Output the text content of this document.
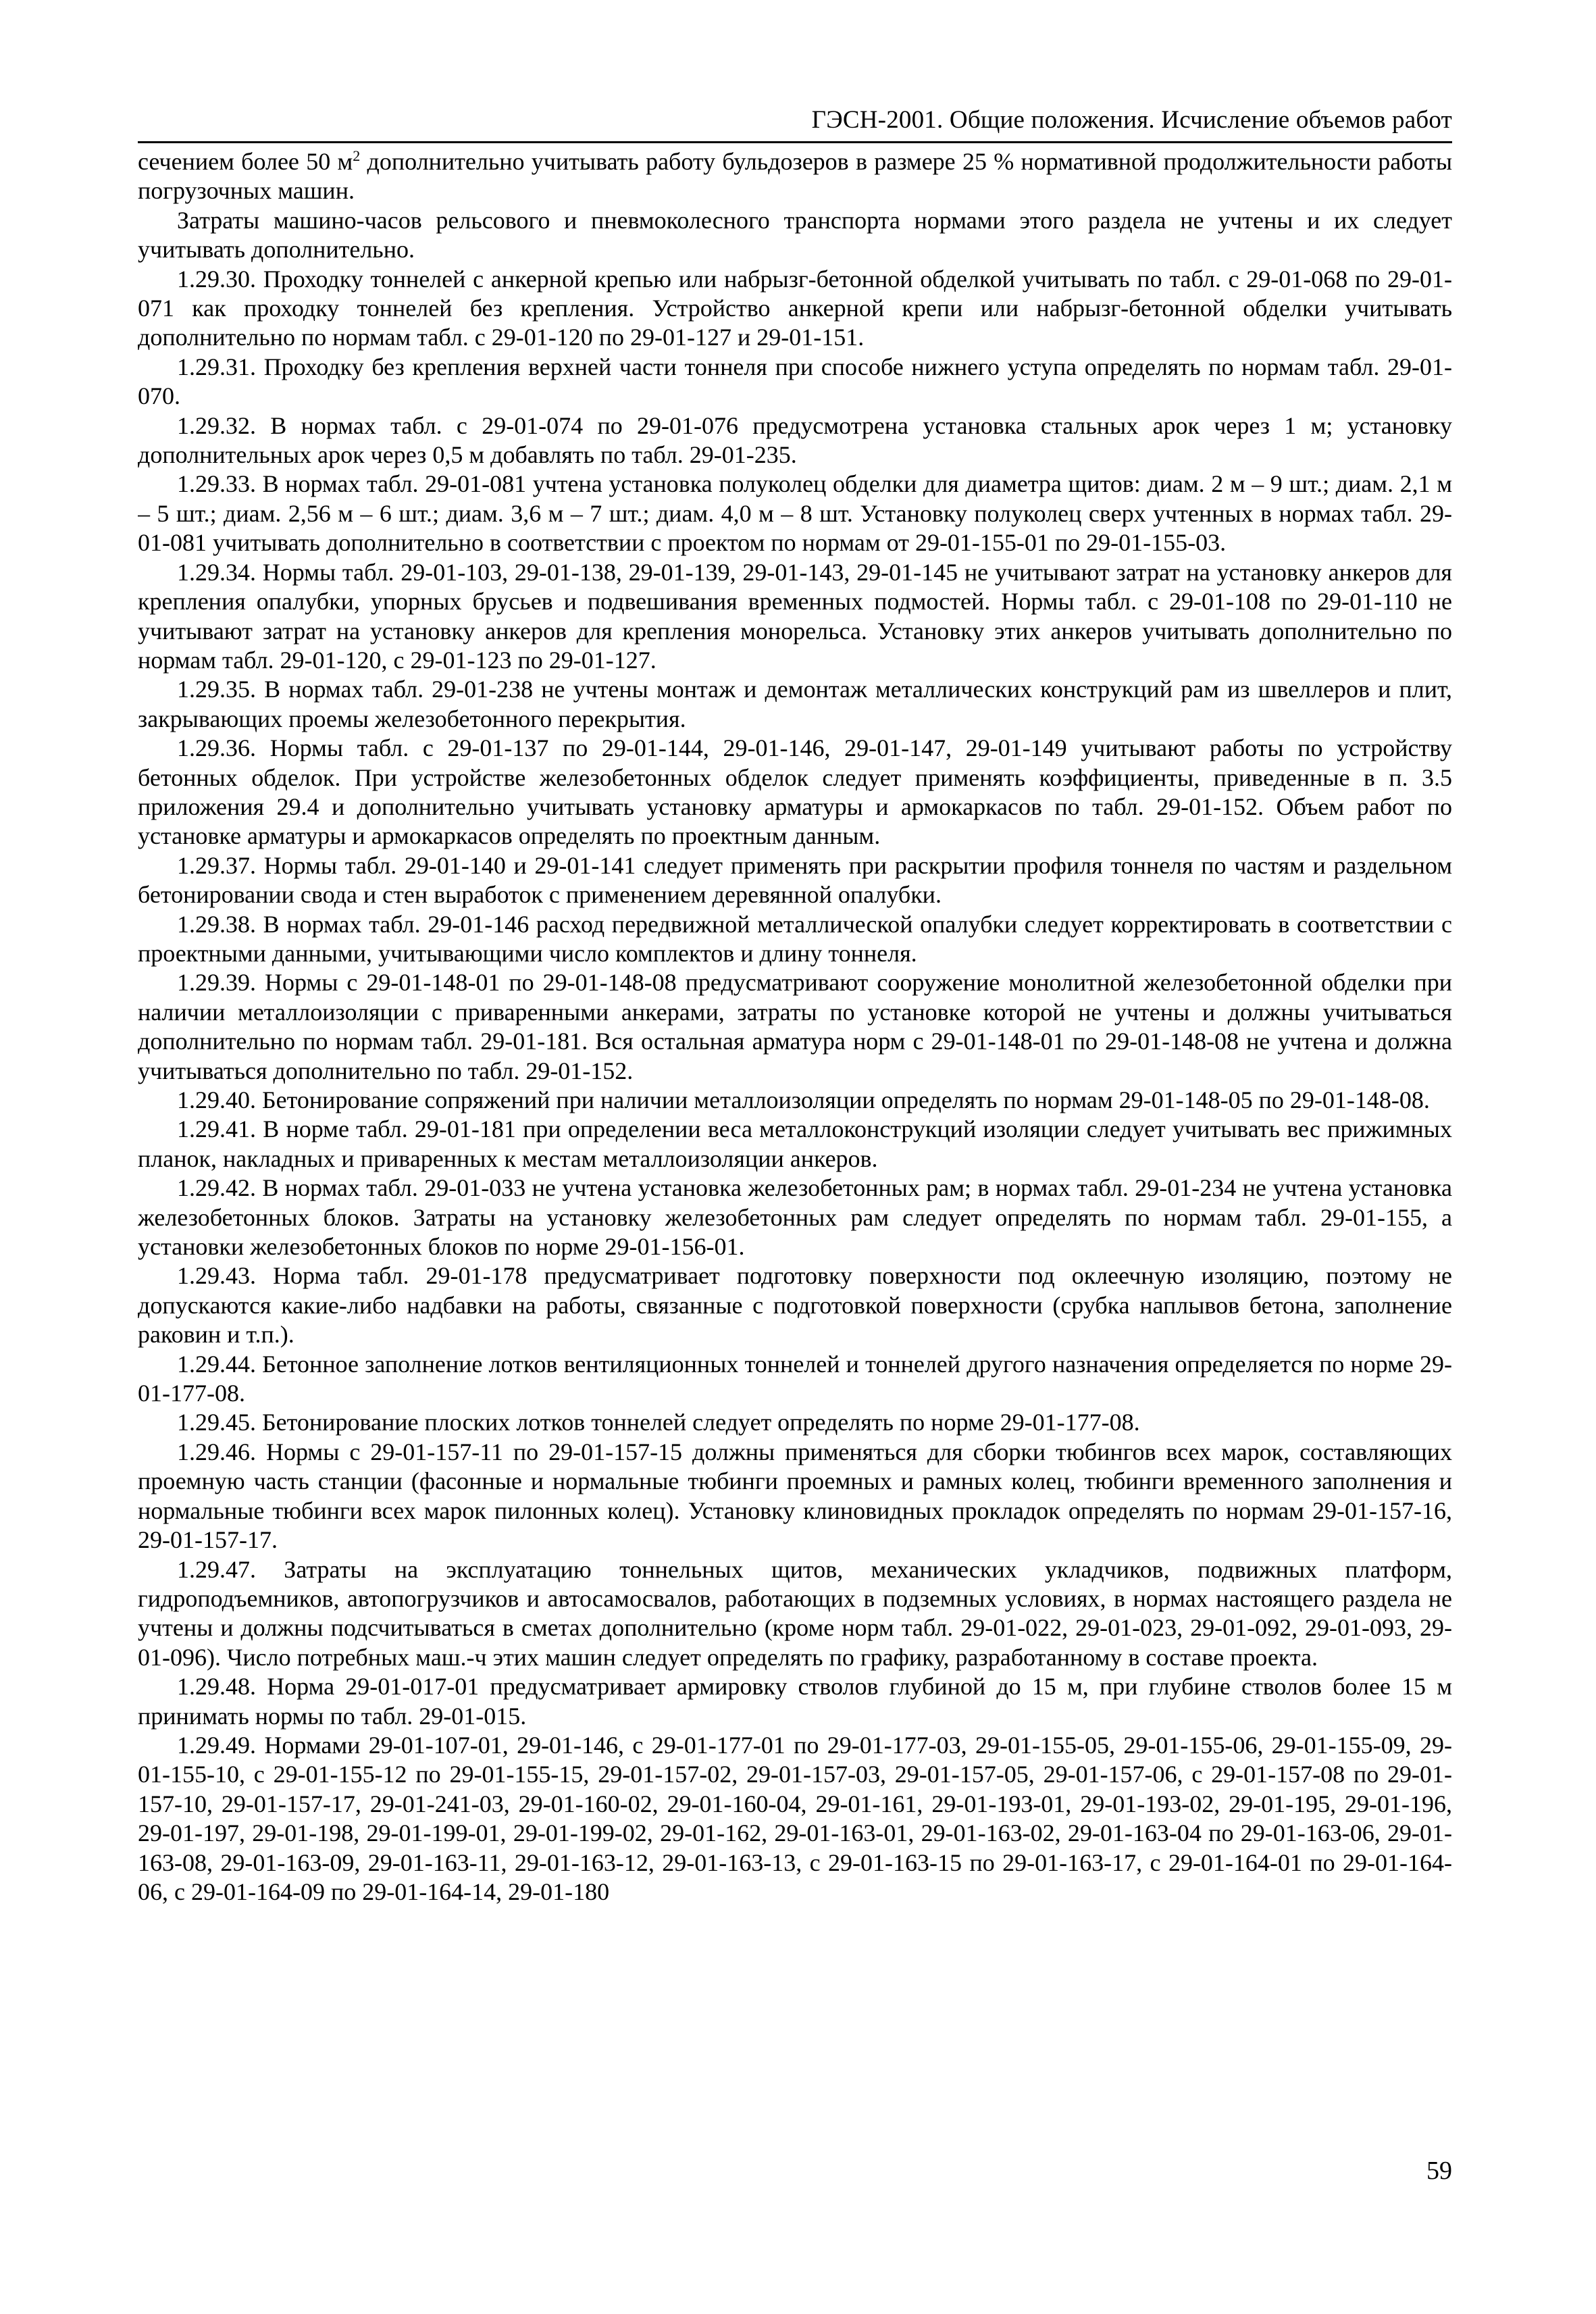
ГЭСН-2001. Общие положения. Исчисление объемов работ

сечением более 50 $м^2$ дополнительно учитывать работу бульдозеров в размере 25 % нормативной продолжительности работы погрузочных машин.

Затраты машино-часов рельсового и пневмоколесного транспорта нормами этого раздела не учтены и их следует учитывать дополнительно.

1.29.30. Проходку тоннелей с анкерной крепью или набрызг-бетонной обделкой учитывать по табл. с 29-01-068 по 29-01-071 как проходку тоннелей без крепления. Устройство анкерной крепи или набрызг-бетонной обделки учитывать дополнительно по нормам табл. с 29-01-120 по 29-01-127 и 29-01-151.

1.29.31. Проходку без крепления верхней части тоннеля при способе нижнего уступа определять по нормам табл. 29-01-070.

1.29.32. В нормах табл. с 29-01-074 по 29-01-076 предусмотрена установка стальных арок через 1 м; установку дополнительных арок через 0,5 м добавлять по табл. 29-01-235.

1.29.33. В нормах табл. 29-01-081 учтена установка полуколец обделки для диаметра щитов: диам. 2 м – 9 шт.; диам. 2,1 м – 5 шт.; диам. 2,56 м – 6 шт.; диам. 3,6 м – 7 шт.; диам. 4,0 м – 8 шт. Установку полуколец сверх учтенных в нормах табл. 29-01-081 учитывать дополнительно в соответствии с проектом по нормам от 29-01-155-01 по 29-01-155-03.

1.29.34. Нормы табл. 29-01-103, 29-01-138, 29-01-139, 29-01-143, 29-01-145 не учитывают затрат на установку анкеров для крепления опалубки, упорных брусьев и подвешивания временных подмостей. Нормы табл. с 29-01-108 по 29-01-110 не учитывают затрат на установку анкеров для крепления монорельса. Установку этих анкеров учитывать дополнительно по нормам табл. 29-01-120, с 29-01-123 по 29-01-127.

1.29.35. В нормах табл. 29-01-238 не учтены монтаж и демонтаж металлических конструкций рам из швеллеров и плит, закрывающих проемы железобетонного перекрытия.

1.29.36. Нормы табл. с 29-01-137 по 29-01-144, 29-01-146, 29-01-147, 29-01-149 учитывают работы по устройству бетонных обделок. При устройстве железобетонных обделок следует применять коэффициенты, приведенные в п. 3.5 приложения 29.4 и дополнительно учитывать установку арматуры и армокаркасов по табл. 29-01-152. Объем работ по установке арматуры и армокаркасов определять по проектным данным.

1.29.37. Нормы табл. 29-01-140 и 29-01-141 следует применять при раскрытии профиля тоннеля по частям и раздельном бетонировании свода и стен выработок с применением деревянной опалубки.

1.29.38. В нормах табл. 29-01-146 расход передвижной металлической опалубки следует корректировать в соответствии с проектными данными, учитывающими число комплектов и длину тоннеля.

1.29.39. Нормы с 29-01-148-01 по 29-01-148-08 предусматривают сооружение монолитной железобетонной обделки при наличии металлоизоляции с приваренными анкерами, затраты по установке которой не учтены и должны учитываться дополнительно по нормам табл. 29-01-181. Вся остальная арматура норм с 29-01-148-01 по 29-01-148-08 не учтена и должна учитываться дополнительно по табл. 29-01-152.

1.29.40. Бетонирование сопряжений при наличии металлоизоляции определять по нормам 29-01-148-05 по 29-01-148-08.

1.29.41. В норме табл. 29-01-181 при определении веса металлоконструкций изоляции следует учитывать вес прижимных планок, накладных и приваренных к местам металлоизоляции анкеров.

1.29.42. В нормах табл. 29-01-033 не учтена установка железобетонных рам; в нормах табл. 29-01-234 не учтена установка железобетонных блоков. Затраты на установку железобетонных рам следует определять по нормам табл. 29-01-155, а установки железобетонных блоков по норме 29-01-156-01.

1.29.43. Норма табл. 29-01-178 предусматривает подготовку поверхности под оклеечную изоляцию, поэтому не допускаются какие-либо надбавки на работы, связанные с подготовкой поверхности (срубка наплывов бетона, заполнение раковин и т.п.).

1.29.44. Бетонное заполнение лотков вентиляционных тоннелей и тоннелей другого назначения определяется по норме 29-01-177-08.

1.29.45. Бетонирование плоских лотков тоннелей следует определять по норме 29-01-177-08.

1.29.46. Нормы с 29-01-157-11 по 29-01-157-15 должны применяться для сборки тюбингов всех марок, составляющих проемную часть станции (фасонные и нормальные тюбинги проемных и рамных колец, тюбинги временного заполнения и нормальные тюбинги всех марок пилонных колец). Установку клиновидных прокладок определять по нормам 29-01-157-16, 29-01-157-17.

1.29.47. Затраты на эксплуатацию тоннельных щитов, механических укладчиков, подвижных платформ, гидроподъемников, автопогрузчиков и автосамосвалов, работающих в подземных условиях, в нормах настоящего раздела не учтены и должны подсчитываться в сметах дополнительно (кроме норм табл. 29-01-022, 29-01-023, 29-01-092, 29-01-093, 29-01-096). Число потребных маш.-ч этих машин следует определять по графику, разработанному в составе проекта.

1.29.48. Норма 29-01-017-01 предусматривает армировку стволов глубиной до 15 м, при глубине стволов более 15 м принимать нормы по табл. 29-01-015.

1.29.49. Нормами 29-01-107-01, 29-01-146, с 29-01-177-01 по 29-01-177-03, 29-01-155-05, 29-01-155-06, 29-01-155-09, 29-01-155-10, с 29-01-155-12 по 29-01-155-15, 29-01-157-02, 29-01-157-03, 29-01-157-05, 29-01-157-06, с 29-01-157-08 по 29-01-157-10, 29-01-157-17, 29-01-241-03, 29-01-160-02, 29-01-160-04, 29-01-161, 29-01-193-01, 29-01-193-02, 29-01-195, 29-01-196, 29-01-197, 29-01-198, 29-01-199-01, 29-01-199-02, 29-01-162, 29-01-163-01, 29-01-163-02, 29-01-163-04 по 29-01-163-06, 29-01-163-08, 29-01-163-09, 29-01-163-11, 29-01-163-12, 29-01-163-13, с 29-01-163-15 по 29-01-163-17, с 29-01-164-01 по 29-01-164-06, с 29-01-164-09 по 29-01-164-14, 29-01-180

59
